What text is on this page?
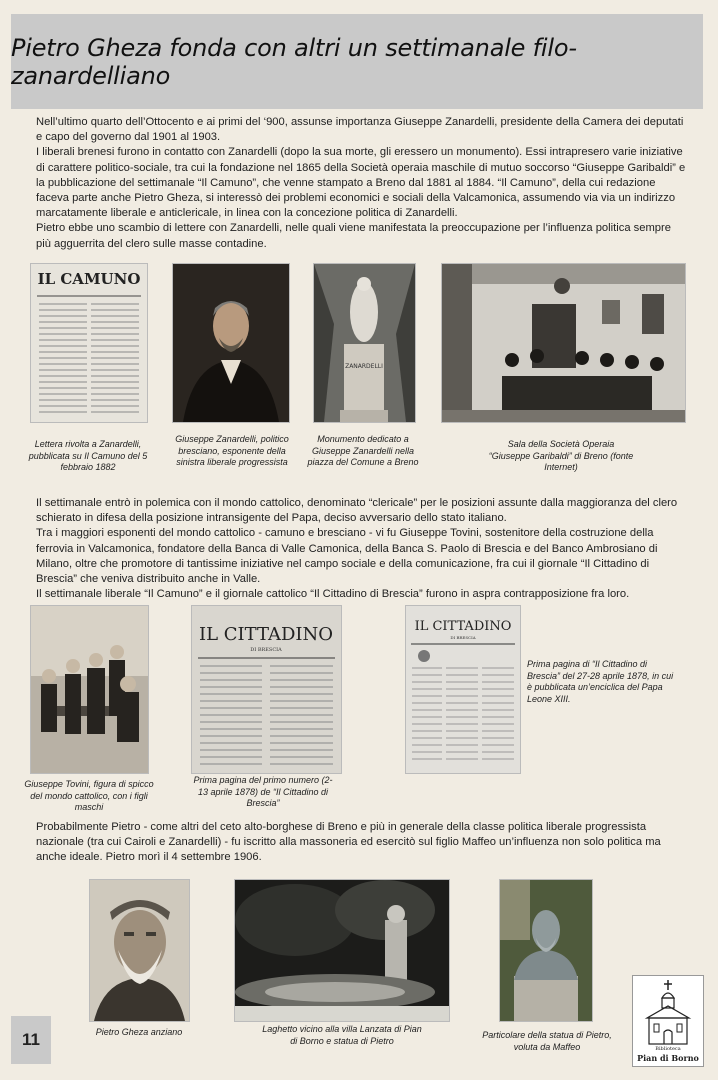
Pietro Gheza fonda con altri un settimanale filo-zanardelliano

Nell’ultimo quarto dell’Ottocento e ai primi del ‘900, assunse importanza Giuseppe Zanardelli, presidente della Camera dei deputati e capo del governo dal 1901 al 1903.

I liberali brenesi furono in contatto con Zanardelli (dopo la sua morte, gli eressero un monumento). Essi intrapresero varie iniziative di carattere politico-sociale, tra cui la fondazione nel 1865 della Società operaia maschile di mutuo soccorso “Giuseppe Garibaldi” e la pubblicazione del settimanale “Il Camuno”, che venne stampato a Breno dal 1881 al 1884. “Il Camuno”, della cui redazione faceva parte anche Pietro Gheza, si interessò dei problemi economici e sociali della Valcamonica, assumendo via via un indirizzo marcatamente liberale e anticlericale, in linea con la concezione politica di Zanardelli.

Pietro ebbe uno scambio di lettere con Zanardelli, nelle quali viene manifestata la preoccupazione per l’influenza politica sempre più agguerrita del clero sulle masse contadine.

IL CAMUNO
ZANARDELLI
Lettera rivolta a Zanardelli, pubblicata su Il Camuno del 5 febbraio 1882
Giuseppe Zanardelli, politico bresciano, esponente della sinistra liberale progressista
Monumento dedicato a Giuseppe Zanardelli nella piazza del Comune a Breno
Sala della Società Operaia “Giuseppe Garibaldi” di Breno (fonte Internet)

Il settimanale entrò in polemica con il mondo cattolico, denominato “clericale” per le posizioni assunte dalla maggioranza del clero schierato in difesa della posizione intransigente del Papa, deciso avversario dello stato italiano.

Tra i maggiori esponenti del mondo cattolico - camuno e bresciano - vi fu Giuseppe Tovini, sostenitore della costruzione della ferrovia in Valcamonica, fondatore della Banca di Valle Camonica, della Banca S. Paolo di Brescia e del Banco Ambrosiano di Milano, oltre che promotore di tantissime iniziative nel campo sociale e della comunicazione, fra cui il giornale “Il Cittadino di Brescia” che veniva distribuito anche in Valle.

Il settimanale liberale “Il Camuno” e il giornale cattolico “Il Cittadino di Brescia” furono in aspra contrapposizione fra loro.

IL CITTADINO
DI BRESCIA
IL CITTADINO
DI BRESCIA
Giuseppe Tovini, figura di spicco del mondo cattolico, con i figli maschi
Prima pagina del primo numero (2-13 aprile 1878) de “Il Cittadino di Brescia”
Prima pagina di “Il Cittadino di Brescia” del 27-28 aprile 1878, in cui è pubblicata un’enciclica del Papa Leone XIII.

Probabilmente Pietro - come altri del ceto alto-borghese di Breno e più in generale della classe politica liberale progressista nazionale (tra cui Cairoli e Zanardelli) - fu iscritto alla massoneria ed esercitò sul figlio Maffeo un’influenza non solo politica ma anche ideale. Pietro morì il 4 settembre 1906.

Pietro Gheza anziano	Laghetto vicino alla villa Lanzata di Pian di Borno e statua di Pietro
Particolare della statua di Pietro, voluta da Maffeo
11	Biblioteca
Pian di Borno
